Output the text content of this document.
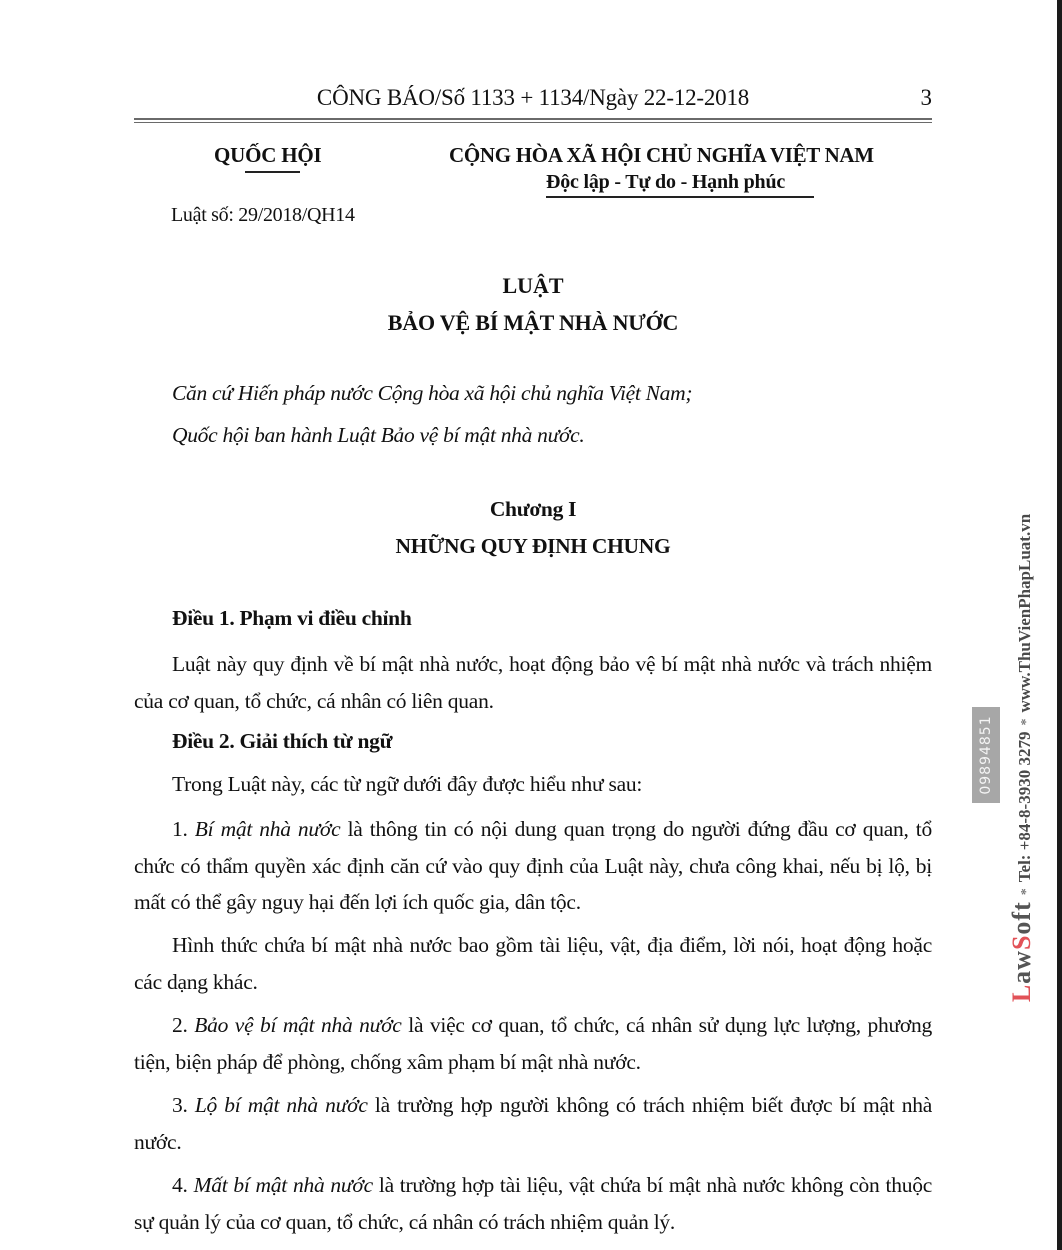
CÔNG BÁO/Số 1133 + 1134/Ngày 22-12-2018	3
QUỐC HỘI	CỘNG HÒA XÃ HỘI CHỦ NGHĨA VIỆT NAM
Độc lập - Tự do - Hạnh phúc
Luật số: 29/2018/QH14
LUẬT
BẢO VỆ BÍ MẬT NHÀ NƯỚC
Căn cứ Hiến pháp nước Cộng hòa xã hội chủ nghĩa Việt Nam;
Quốc hội ban hành Luật Bảo vệ bí mật nhà nước.
Chương I
NHỮNG QUY ĐỊNH CHUNG
Điều 1. Phạm vi điều chỉnh

Luật này quy định về bí mật nhà nước, hoạt động bảo vệ bí mật nhà nước và trách nhiệm của cơ quan, tổ chức, cá nhân có liên quan.

Điều 2. Giải thích từ ngữ

Trong Luật này, các từ ngữ dưới đây được hiểu như sau:

1. Bí mật nhà nước là thông tin có nội dung quan trọng do người đứng đầu cơ quan, tổ chức có thẩm quyền xác định căn cứ vào quy định của Luật này, chưa công khai, nếu bị lộ, bị mất có thể gây nguy hại đến lợi ích quốc gia, dân tộc.

Hình thức chứa bí mật nhà nước bao gồm tài liệu, vật, địa điểm, lời nói, hoạt động hoặc các dạng khác.

2. Bảo vệ bí mật nhà nước là việc cơ quan, tổ chức, cá nhân sử dụng lực lượng, phương tiện, biện pháp để phòng, chống xâm phạm bí mật nhà nước.

3. Lộ bí mật nhà nước là trường hợp người không có trách nhiệm biết được bí mật nhà nước.

4. Mất bí mật nhà nước là trường hợp tài liệu, vật chứa bí mật nhà nước không còn thuộc sự quản lý của cơ quan, tổ chức, cá nhân có trách nhiệm quản lý.

09894851
LawSoft
*
Tel: +84-8-3930 3279
*
www.ThuVienPhapLuat.vn
